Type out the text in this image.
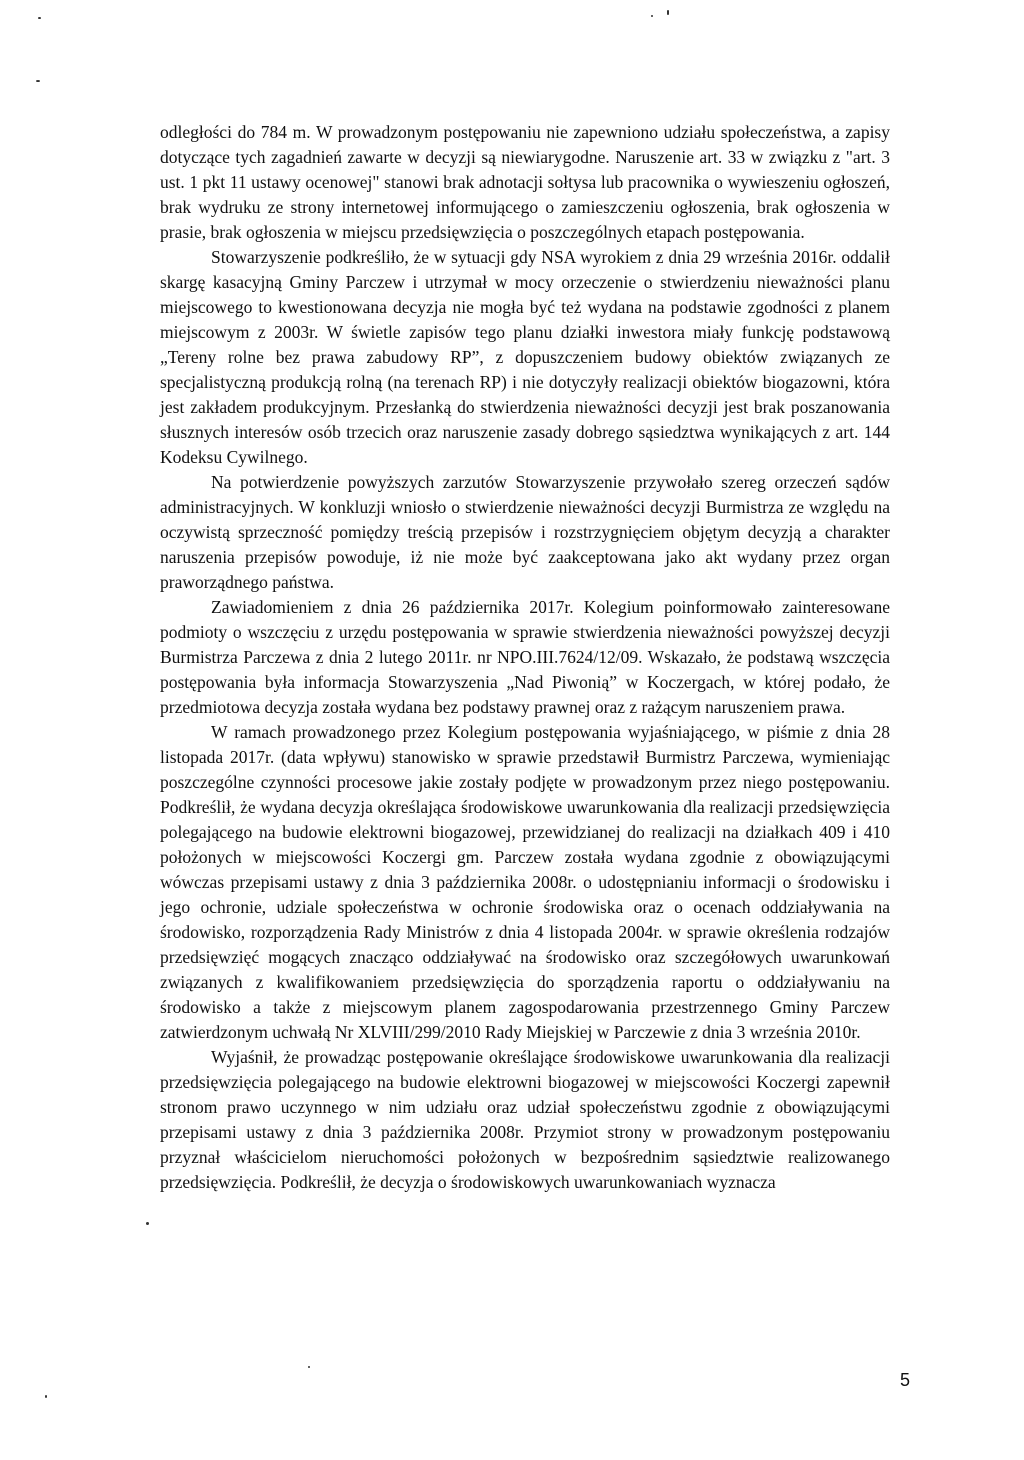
odległości do 784 m. W prowadzonym postępowaniu nie zapewniono udziału społeczeństwa, a zapisy dotyczące tych zagadnień zawarte w decyzji są niewiarygodne. Naruszenie art. 33 w związku z "art. 3 ust. 1 pkt 11 ustawy ocenowej" stanowi brak adnotacji sołtysa lub pracownika o wywieszeniu ogłoszeń, brak wydruku ze strony internetowej informującego o zamieszczeniu ogłoszenia, brak ogłoszenia w prasie, brak ogłoszenia w miejscu przedsięwzięcia o poszczególnych etapach postępowania.

Stowarzyszenie podkreśliło, że w sytuacji gdy NSA wyrokiem z dnia 29 września 2016r. oddalił skargę kasacyjną Gminy Parczew i utrzymał w mocy orzeczenie o stwierdzeniu nieważności planu miejscowego to kwestionowana decyzja nie mogła być też wydana na podstawie zgodności z planem miejscowym z 2003r. W świetle zapisów tego planu działki inwestora miały funkcję podstawową „Tereny rolne bez prawa zabudowy RP”, z dopuszczeniem budowy obiektów związanych ze specjalistyczną produkcją rolną (na terenach RP) i nie dotyczyły realizacji obiektów biogazowni, która jest zakładem produkcyjnym. Przesłanką do stwierdzenia nieważności decyzji jest brak poszanowania słusznych interesów osób trzecich oraz naruszenie zasady dobrego sąsiedztwa wynikających z art. 144 Kodeksu Cywilnego.

Na potwierdzenie powyższych zarzutów Stowarzyszenie przywołało szereg orzeczeń sądów administracyjnych. W konkluzji wniosło o stwierdzenie nieważności decyzji Burmistrza ze względu na oczywistą sprzeczność pomiędzy treścią przepisów i rozstrzygnięciem objętym decyzją a charakter naruszenia przepisów powoduje, iż nie może być zaakceptowana jako akt wydany przez organ praworządnego państwa.

Zawiadomieniem z dnia 26 października 2017r. Kolegium poinformowało zainteresowane podmioty o wszczęciu z urzędu postępowania w sprawie stwierdzenia nieważności powyższej decyzji Burmistrza Parczewa z dnia 2 lutego 2011r. nr NPO.III.7624/12/09. Wskazało, że podstawą wszczęcia postępowania była informacja Stowarzyszenia „Nad Piwonią” w Koczergach, w której podało, że przedmiotowa decyzja została wydana bez podstawy prawnej oraz z rażącym naruszeniem prawa.

W ramach prowadzonego przez Kolegium postępowania wyjaśniającego, w piśmie z dnia 28 listopada 2017r. (data wpływu) stanowisko w sprawie przedstawił Burmistrz Parczewa, wymieniając poszczególne czynności procesowe jakie zostały podjęte w prowadzonym przez niego postępowaniu. Podkreślił, że wydana decyzja określająca środowiskowe uwarunkowania dla realizacji przedsięwzięcia polegającego na budowie elektrowni biogazowej, przewidzianej do realizacji na działkach 409 i 410 położonych w miejscowości Koczergi gm. Parczew została wydana zgodnie z obowiązującymi wówczas przepisami ustawy z dnia 3 października 2008r. o udostępnianiu informacji o środowisku i jego ochronie, udziale społeczeństwa w ochronie środowiska oraz o ocenach oddziaływania na środowisko, rozporządzenia Rady Ministrów z dnia 4 listopada 2004r. w sprawie określenia rodzajów przedsięwzięć mogących znacząco oddziaływać na środowisko oraz szczegółowych uwarunkowań związanych z kwalifikowaniem przedsięwzięcia do sporządzenia raportu o oddziaływaniu na środowisko a także z miejscowym planem zagospodarowania przestrzennego Gminy Parczew zatwierdzonym uchwałą Nr XLVIII/299/2010 Rady Miejskiej w Parczewie z dnia 3 września 2010r.

Wyjaśnił, że prowadząc postępowanie określające środowiskowe uwarunkowania dla realizacji przedsięwzięcia polegającego na budowie elektrowni biogazowej w miejscowości Koczergi zapewnił stronom prawo uczynnego w nim udziału oraz udział społeczeństwu zgodnie z obowiązującymi przepisami ustawy z dnia 3 października 2008r. Przymiot strony w prowadzonym postępowaniu przyznał właścicielom nieruchomości położonych w bezpośrednim sąsiedztwie realizowanego przedsięwzięcia. Podkreślił, że decyzja o środowiskowych uwarunkowaniach wyznacza

5
